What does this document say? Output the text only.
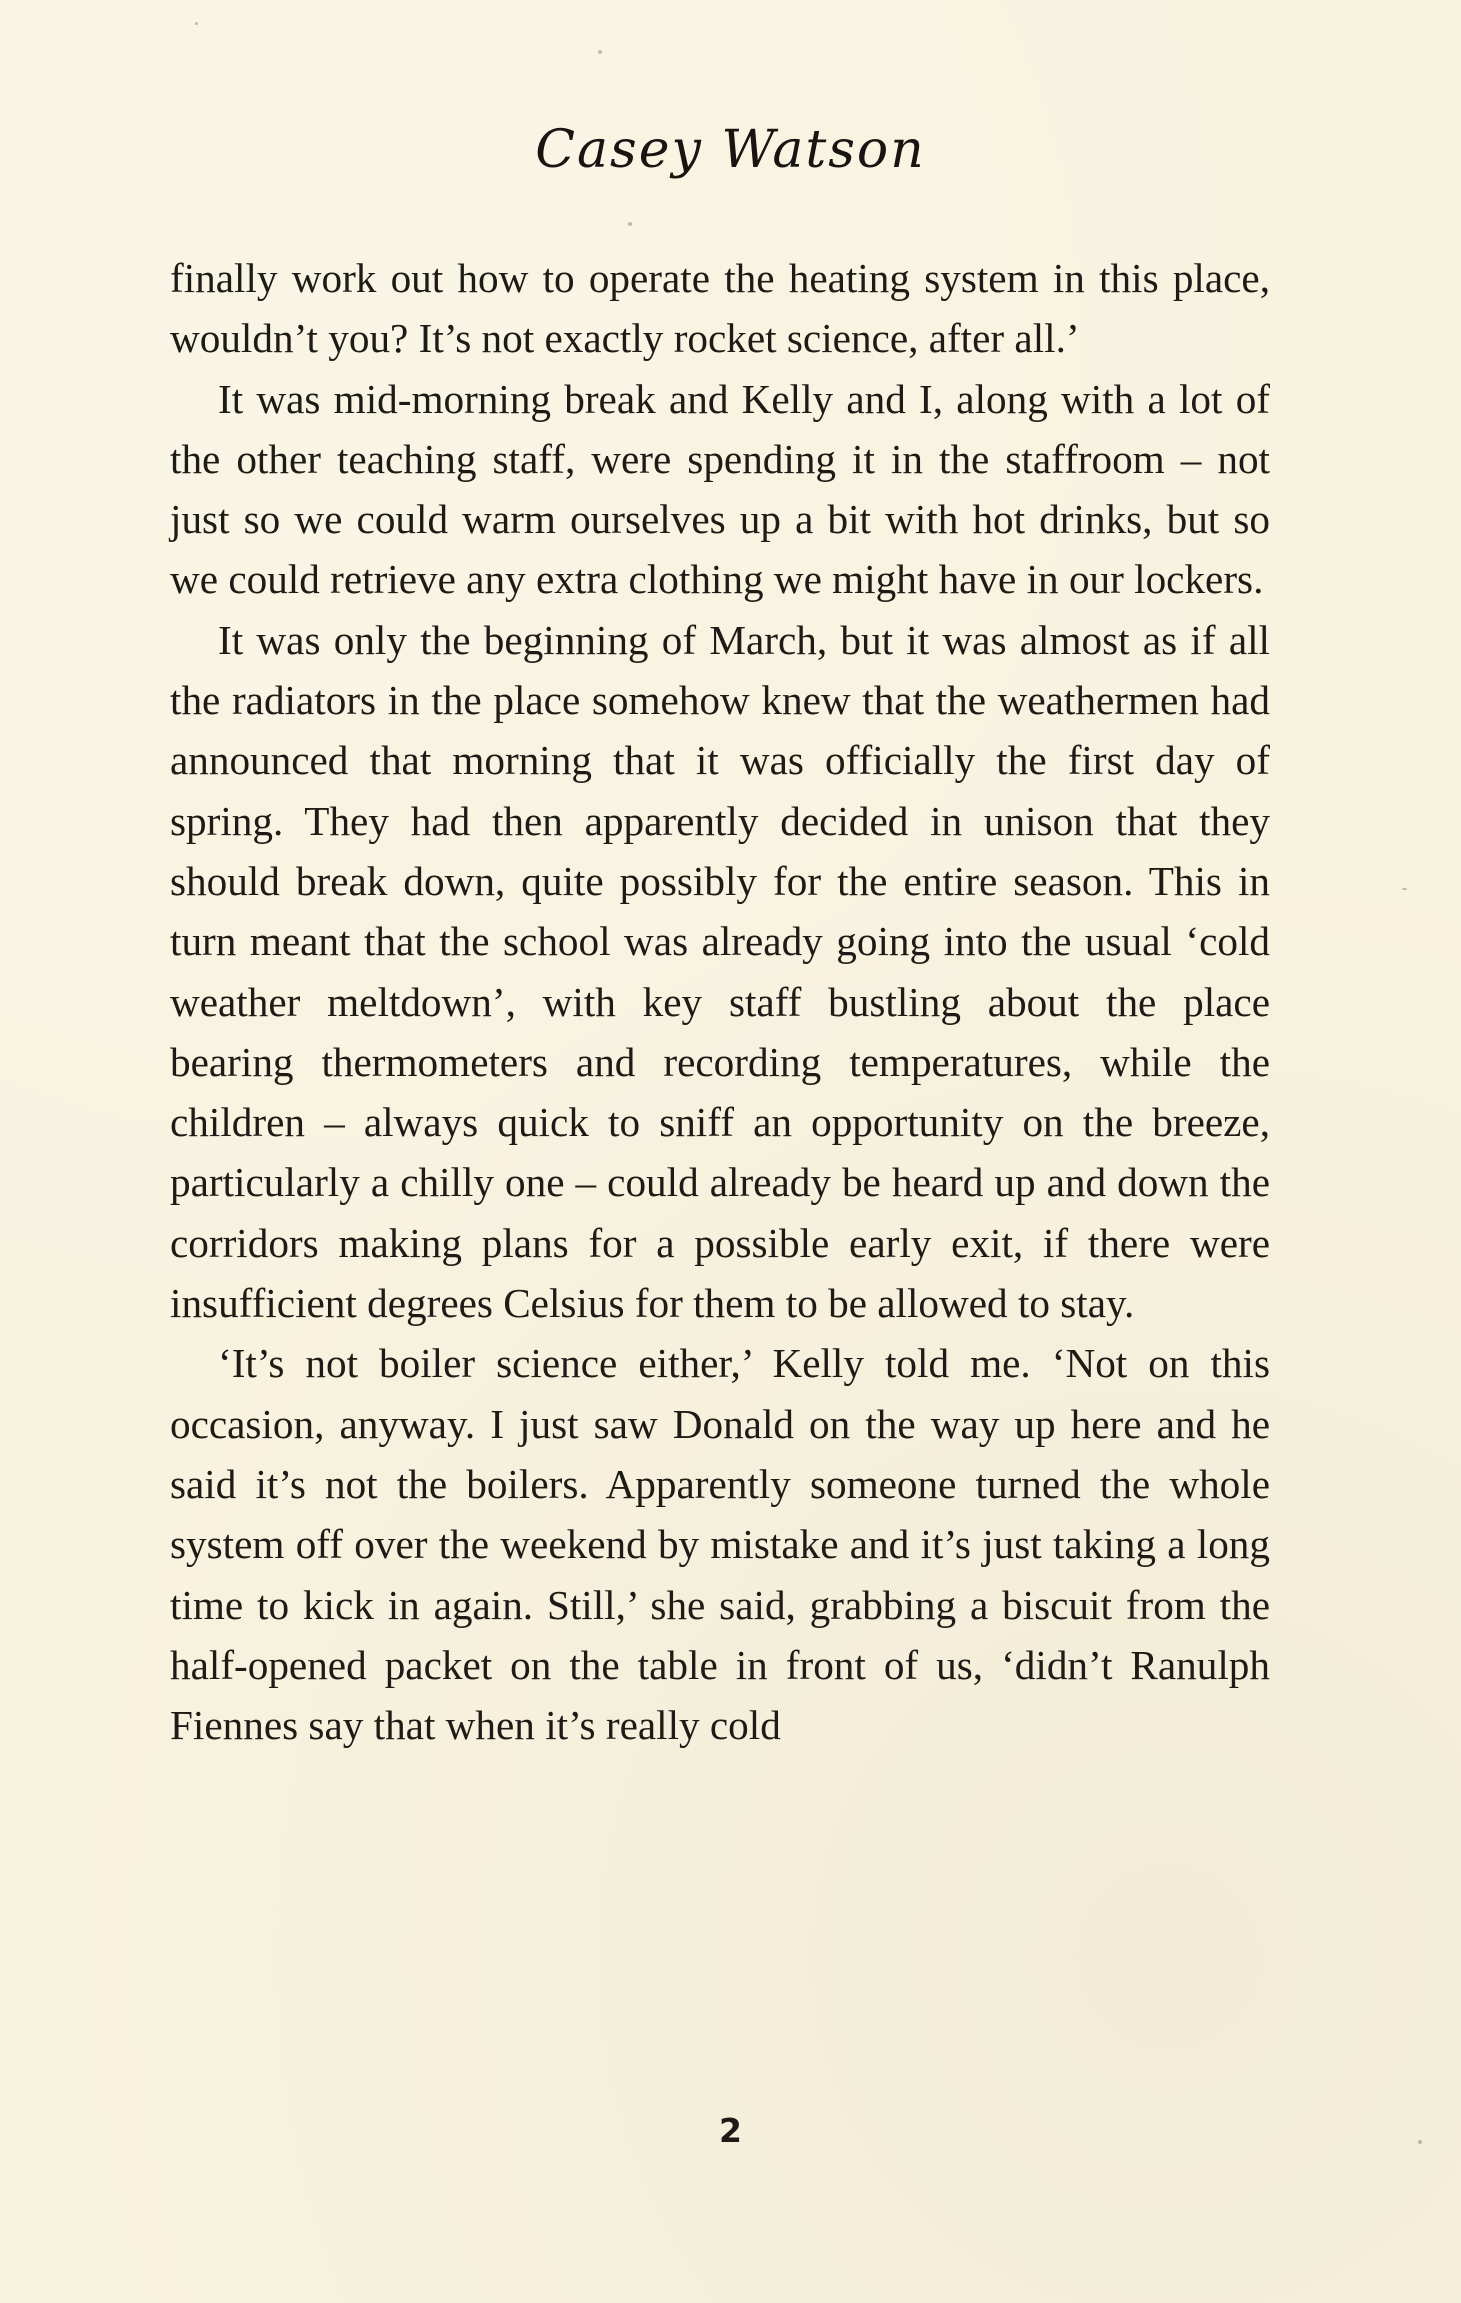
Casey Watson

finally work out how to operate the heating system in this place, wouldn’t you? It’s not exactly rocket science, after all.’

It was mid-morning break and Kelly and I, along with a lot of the other teaching staff, were spending it in the staffroom – not just so we could warm ourselves up a bit with hot drinks, but so we could retrieve any extra clothing we might have in our lockers.

It was only the beginning of March, but it was almost as if all the radiators in the place somehow knew that the weathermen had announced that morning that it was officially the first day of spring. They had then apparently decided in unison that they should break down, quite possibly for the entire season. This in turn meant that the school was already going into the usual ‘cold weather meltdown’, with key staff bustling about the place bearing thermometers and recording temperatures, while the children – always quick to sniff an opportunity on the breeze, particularly a chilly one – could already be heard up and down the corridors making plans for a possible early exit, if there were insufficient degrees Celsius for them to be allowed to stay.

‘It’s not boiler science either,’ Kelly told me. ‘Not on this occasion, anyway. I just saw Donald on the way up here and he said it’s not the boilers. Apparently someone turned the whole system off over the weekend by mistake and it’s just taking a long time to kick in again. Still,’ she said, grabbing a biscuit from the half-opened packet on the table in front of us, ‘didn’t Ranulph Fiennes say that when it’s really cold

2
